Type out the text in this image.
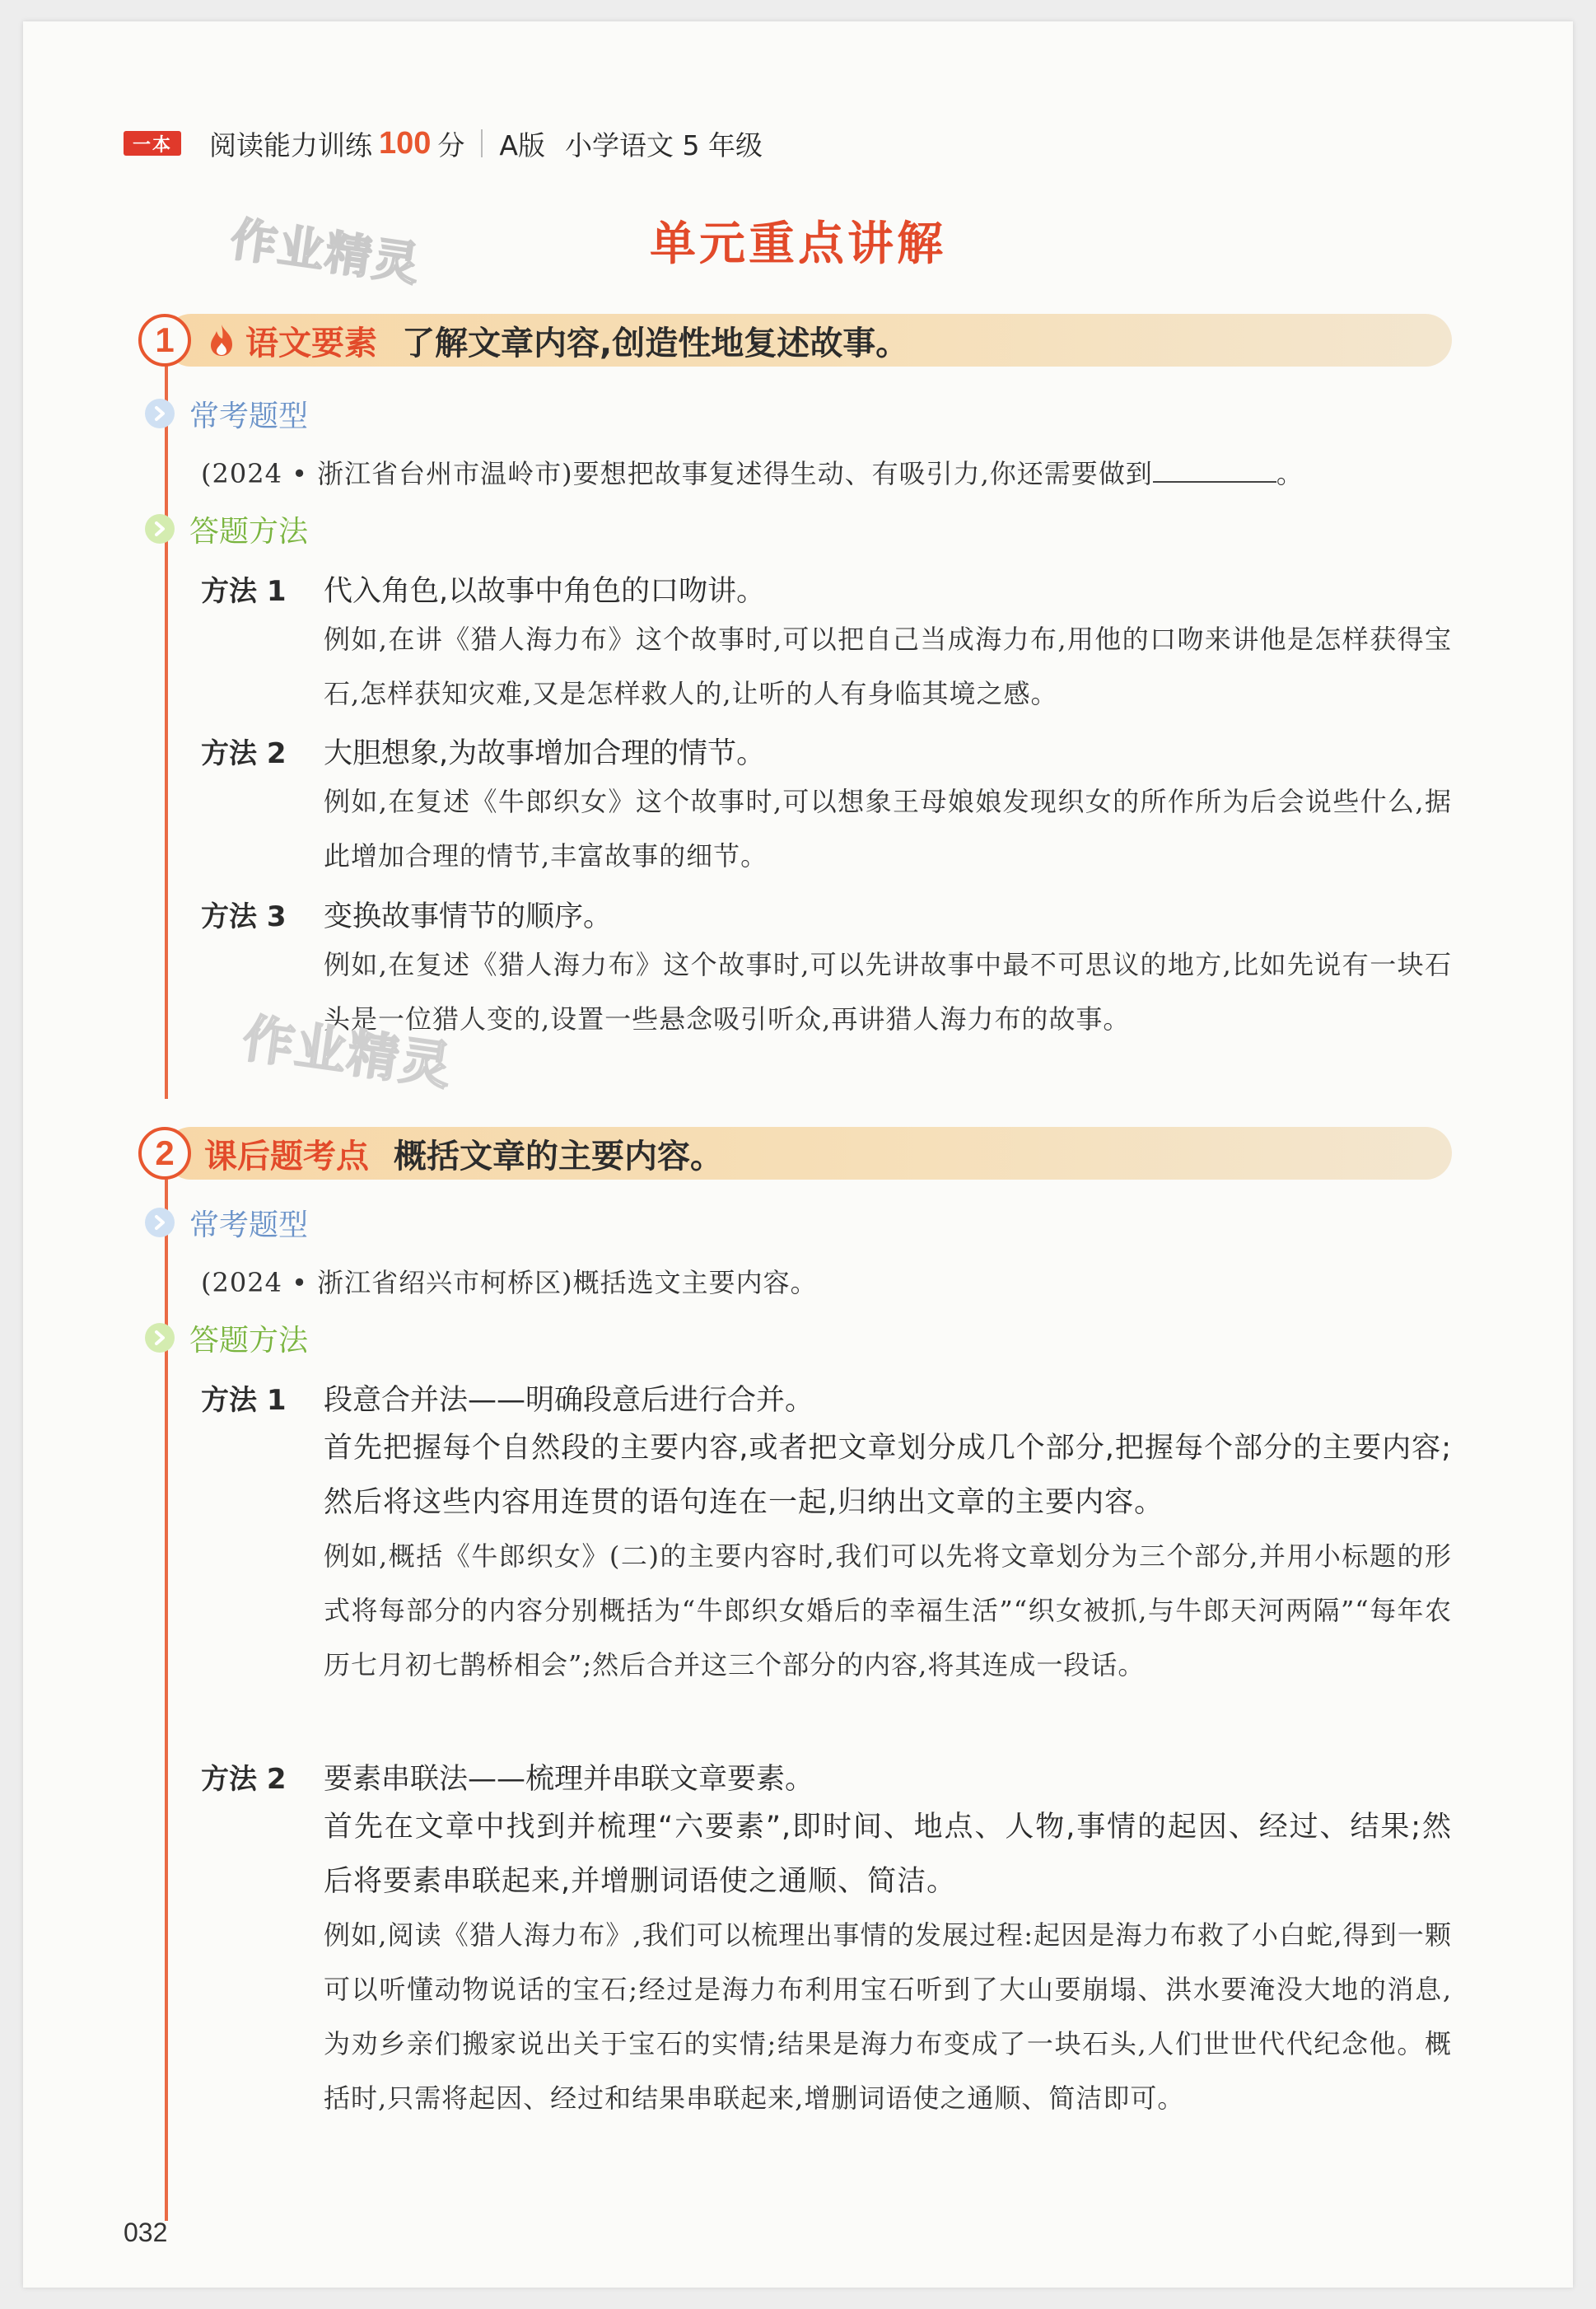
一本	阅读能力训练 100 分 A版 小学语文 5 年级
作业精灵	单元重点讲解
1	语文要素 了解文章内容,创造性地复述故事。
常考题型
(2024 • 浙江省台州市温岭市)要想把故事复述得生动、有吸引力,你还需要做到	。
答题方法
方法 1 代入角色,以故事中角色的口吻讲。

例如,在讲《猎人海力布》这个故事时,可以把自己当成海力布,用他的口吻来讲他是怎样获得宝石,怎样获知灾难,又是怎样救人的,让听的人有身临其境之感。

方法 2 大胆想象,为故事增加合理的情节。

例如,在复述《牛郎织女》这个故事时,可以想象王母娘娘发现织女的所作所为后会说些什么,据此增加合理的情节,丰富故事的细节。

方法 3 变换故事情节的顺序。

例如,在复述《猎人海力布》这个故事时,可以先讲故事中最不可思议的地方,比如先说有一块石头是一位猎人变的,设置一些悬念吸引听众,再讲猎人海力布的故事。

作业精灵
2 课后题考点 概括文章的主要内容。
常考题型
(2024 • 浙江省绍兴市柯桥区)概括选文主要内容。
答题方法
方法 1 段意合并法——明确段意后进行合并。

首先把握每个自然段的主要内容,或者把文章划分成几个部分,把握每个部分的主要内容;然后将这些内容用连贯的语句连在一起,归纳出文章的主要内容。

例如,概括《牛郎织女》(二)的主要内容时,我们可以先将文章划分为三个部分,并用小标题的形式将每部分的内容分别概括为“牛郎织女婚后的幸福生活”“织女被抓,与牛郎天河两隔”“每年农历七月初七鹊桥相会”;然后合并这三个部分的内容,将其连成一段话。

方法 2 要素串联法——梳理并串联文章要素。

首先在文章中找到并梳理“六要素”,即时间、地点、人物,事情的起因、经过、结果;然后将要素串联起来,并增删词语使之通顺、简洁。

例如,阅读《猎人海力布》,我们可以梳理出事情的发展过程:起因是海力布救了小白蛇,得到一颗可以听懂动物说话的宝石;经过是海力布利用宝石听到了大山要崩塌、洪水要淹没大地的消息,为劝乡亲们搬家说出关于宝石的实情;结果是海力布变成了一块石头,人们世世代代纪念他。概括时,只需将起因、经过和结果串联起来,增删词语使之通顺、简洁即可。

032
